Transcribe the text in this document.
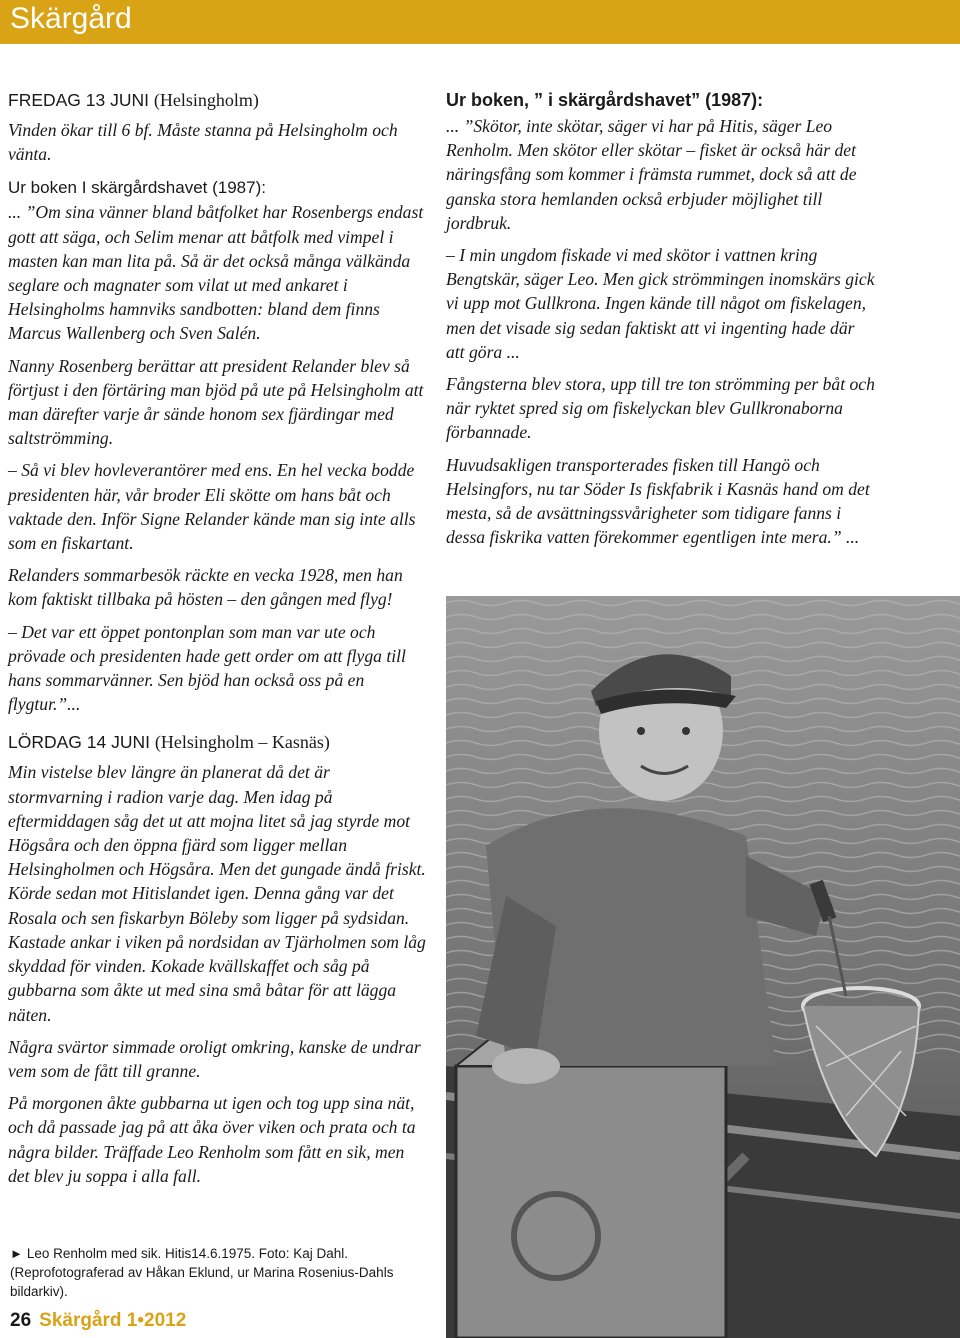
Skärgård
FREDAG 13 JUNI (Helsingholm)

Vinden ökar till 6 bf. Måste stanna på Helsingholm och vänta.

Ur boken I skärgårdshavet (1987):

... ”Om sina vänner bland båtfolket har Rosenbergs endast gott att säga, och Selim menar att båtfolk med vimpel i masten kan man lita på. Så är det också många välkända seglare och magnater som vilat ut med ankaret i Helsingholms hamnviks sandbotten: bland dem finns Marcus Wallenberg och Sven Salén.

Nanny Rosenberg berättar att president Relander blev så förtjust i den förtäring man bjöd på ute på Helsingholm att man därefter varje år sände honom sex fjärdingar med saltströmming.

– Så vi blev hovleverantörer med ens. En hel vecka bodde presidenten här, vår broder Eli skötte om hans båt och vaktade den. Inför Signe Relander kände man sig inte alls som en fiskartant.

Relanders sommarbesök räckte en vecka 1928, men han kom faktiskt tillbaka på hösten – den gången med flyg!

– Det var ett öppet pontonplan som man var ute och prövade och presidenten hade gett order om att flyga till hans sommarvänner. Sen bjöd han också oss på en flygtur.”...

LÖRDAG 14 JUNI (Helsingholm – Kasnäs)

Min vistelse blev längre än planerat då det är stormvarning i radion varje dag. Men idag på eftermiddagen såg det ut att mojna litet så jag styrde mot Högsåra och den öppna fjärd som ligger mellan Helsingholmen och Högsåra. Men det gungade ändå friskt. Körde sedan mot Hitislandet igen. Denna gång var det Rosala och sen fiskarbyn Böleby som ligger på sydsidan. Kastade ankar i viken på nordsidan av Tjärholmen som låg skyddad för vinden. Kokade kvällskaffet och såg på gubbarna som åkte ut med sina små båtar för att lägga näten.

Några svärtor simmade oroligt omkring, kanske de undrar vem som de fått till granne.

På morgonen åkte gubbarna ut igen och tog upp sina nät, och då passade jag på att åka över viken och prata och ta några bilder. Träffade Leo Renholm som fått en sik, men det blev ju soppa i alla fall.

Ur boken, ” i skärgårdshavet” (1987):

... ”Skötor, inte skötar, säger vi har på Hitis, säger Leo Renholm. Men skötor eller skötar – fisket är också här det näringsfång som kommer i främsta rummet, dock så att de ganska stora hemlanden också erbjuder möjlighet till jordbruk.

– I min ungdom fiskade vi med skötor i vattnen kring Bengtskär, säger Leo. Men gick strömmingen inomskärs gick vi upp mot Gullkrona. Ingen kände till något om fiskelagen, men det visade sig sedan faktiskt att vi ingenting hade där att göra ...

Fångsterna blev stora, upp till tre ton strömming per båt och när ryktet spred sig om fiskelyckan blev Gullkronaborna förbannade.

Huvudsakligen transporterades fisken till Hangö och Helsingfors, nu tar Söder Is fiskfabrik i Kasnäs hand om det mesta, så de avsättningssvårigheter som tidigare fanns i dessa fiskrika vatten förekommer egentligen inte mera.” ...

► Leo Renholm med sik. Hitis14.6.1975. Foto: Kaj Dahl. (Reprofotograferad av Håkan Eklund, ur Marina Rosenius-Dahls bildarkiv).
26 Skärgård 1•2012
